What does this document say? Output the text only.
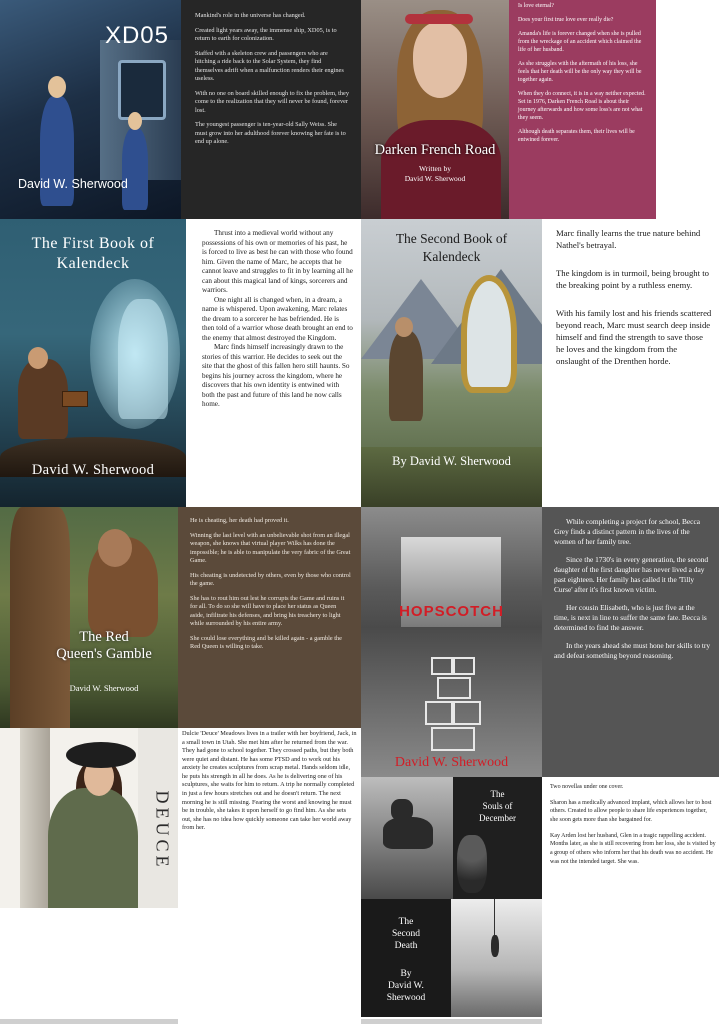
XD05
David W. Sherwood

Mankind's role in the universe has changed.

Created light years away, the immense ship, XD05, is to return to earth for colonization.

Staffed with a skeleton crew and passengers who are hitching a ride back to the Solar System, they find themselves adrift when a malfunction renders their engines useless.

With no one on board skilled enough to fix the problem, they come to the realization that they will never be found, forever lost.

The youngest passenger is ten-year-old Sally Weiss. She must grow into her adulthood forever knowing her fate is to end up alone.

Darken French Road
Written by
David W. Sherwood

Is love eternal?

Does your first true love ever really die?

Amanda's life is forever changed when she is pulled from the wreckage of an accident which claimed the life of her husband.

As she struggles with the aftermath of his loss, she feels that her death will be the only way they will be together again.

When they do connect, it is in a way neither expected. Set in 1976, Darken French Road is about their journey afterwards and how some loss's are not what they seem.

Although death separates them, their lives will be entwined forever.

The First Book of
Kalendeck
David W. Sherwood

Thrust into a medieval world without any possessions of his own or memories of his past, he is forced to live as best he can with those who found him. Given the name of Marc, he accepts that he cannot leave and struggles to fit in by learning all he can about this magical land of kings, sorcerers and warriors.

One night all is changed when, in a dream, a name is whispered. Upon awakening, Marc relates the dream to a sorcerer he has befriended. He is then told of a warrior whose death brought an end to the enemy that almost destroyed the Kingdom.

Marc finds himself increasingly drawn to the stories of this warrior. He decides to seek out the site that the ghost of this fallen hero still haunts. So begins his journey across the kingdom, where he discovers that his own identity is entwined with both the past and future of this land he now calls home.

The Second Book of
Kalendeck
By David W. Sherwood

Marc finally learns the true nature behind Nathel's betrayal.

The kingdom is in turmoil, being brought to the breaking point by a ruthless enemy.

With his family lost and his friends scattered beyond reach, Marc must search deep inside himself and find the strength to save those he loves and the kingdom from the onslaught of the Drenthen horde.

The Red
Queen's Gamble
David W. Sherwood

He is cheating, her death had proved it.

Winning the last level with an unbelievable shot from an illegal weapon, she knows that virtual player Wilks has done the impossible; he is able to manipulate the very fabric of the Great Game.

His cheating is undetected by others, even by those who control the game.

She has to rout him out lest he corrupts the Game and ruins it for all. To do so she will have to place her status as Queen aside, infiltrate his defenses, and bring his treachery to light while surrounded by his entire army.

She could lose everything and be killed again - a gamble the Red Queen is willing to take.

HOPSCOTCH
David W. Sherwood

While completing a project for school, Becca Grey finds a distinct pattern in the lives of the women of her family tree.

Since the 1730's in every generation, the second daughter of the first daughter has never lived a day past eighteen. Her family has called it the 'Tilly Curse' after it's first known victim.

Her cousin Elisabeth, who is just five at the time, is next in line to suffer the same fate. Becca is determined to find the answer.

In the years ahead she must hone her skills to try and defeat something beyond reasoning.

DEUCE

Dulcie 'Deuce' Meadows lives in a trailer with her boyfriend, Jack, in a small town in Utah. She met him after he returned from the war. They had gone to school together. They crossed paths, but they both were quiet and distant. He has some PTSD and to work out his anxiety he creates sculptures from scrap metal. Hands seldom idle, he puts his strength in all he does. As he is delivering one of his sculptures, she waits for him to return. A trip he normally completed in just a few hours stretches out and he doesn't return. The next morning he is still missing. Fearing the worst and knowing he must be in trouble, she takes it upon herself to go find him. As she sets out, she has no idea how quickly someone can take her world away from her.

The
Souls of
December
The
Second
Death
By
David W.
Sherwood

Two novellas under one cover.

Sharon has a medically advanced implant, which allows her to host others. Created to allow people to share life experiences together, she soon gets more than she bargained for.

Kay Arden lost her husband, Glen in a tragic rappelling accident. Months later, as she is still recovering from her loss, she is visited by a group of others who inform her that his death was no accident. He was not the intended target. She was.
